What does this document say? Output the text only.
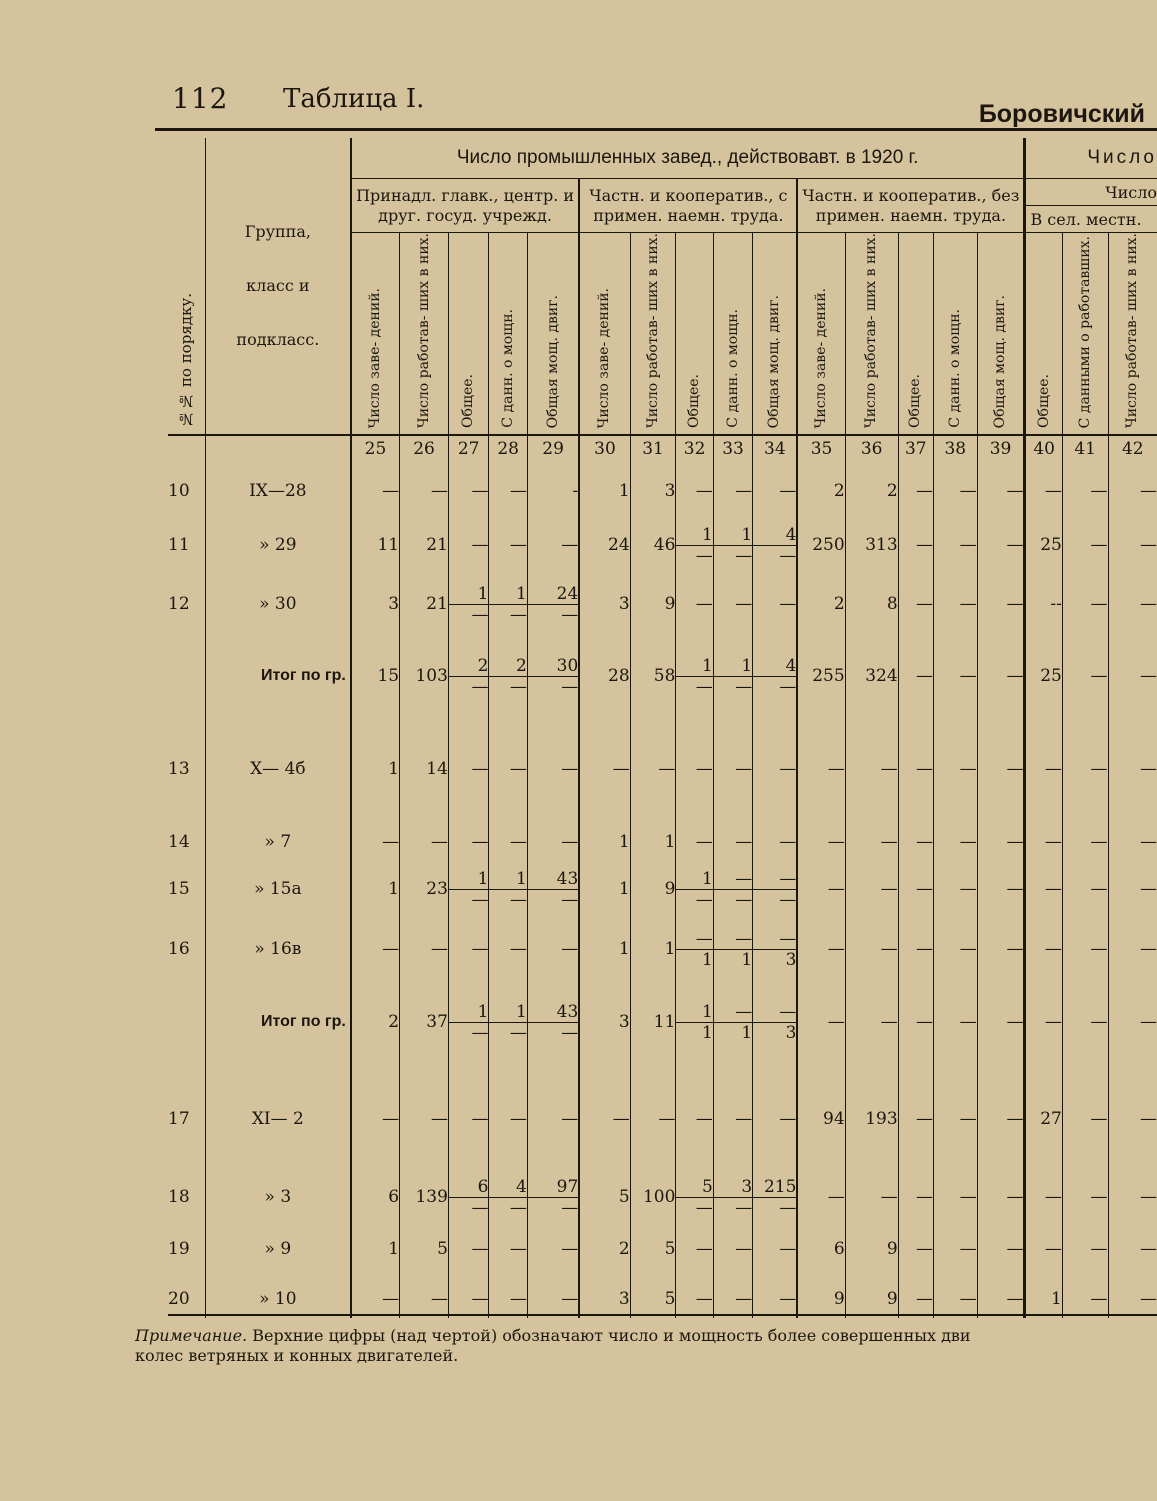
112 Таблица I.	Боровичский
№№ по порядку.	Группа, класс и подкласс.	Число промышленных завед., действовавт. в 1920 г.															Число		
		Принадл. главк., центр. и друг. госуд. учрежд.					Частн. и кооператив., с примен. наемн. труда.					Частн. и кооператив., без примен. наемн. труда.					Число		
																	В сел. местн.		

		Число заве- дений.	Число работав- ших в них.	Общее.	С данн. о мощн.	Общая мощ. двиг.	Число заве- дений.	Число работав- ших в них.	Общее.	С данн. о мощн.	Общая мощ. двиг.	Число заве- дений.	Число работав- ших в них.	Общее.	С данн. о мощн.	Общая мощ. двиг.	Общее.	С данными о работавших.	Число работав- ших в них.

		25	26	27	28	29	30	31	32	33	34	35	36	37	38	39	40	41	42
10	IX—28	—	—	—	—	-	1	3	—	—	—	2	2	—	—	—	—	—	—
11	» 29	11	21	—	—	—	24	46	1—	1—	4—	250	313	—	—	—	25	—	—
12	» 30	3	21	1—	1—	24—	3	9	—	—	—	2	8	—	—	—	--	—	—
	Итог по гр.	15	103	2—	2—	30—	28	58	1—	1—	4—	255	324	—	—	—	25	—	—
13	X— 4б	1	14	—	—	—	—	—	—	—	—	—	—	—	—	—	—	—	—
14	» 7	—	—	—	—	—	1	1	—	—	—	—	—	—	—	—	—	—	—
15	» 15а	1	23	1—	1—	43—	1	9	1—	——	——	—	—	—	—	—	—	—	—
16	» 16в	—	—	—	—	—	1	1	—1	—1	—3	—	—	—	—	—	—	—	—
	Итог по гр.	2	37	1—	1—	43—	3	11	11	—1	—3	—	—	—	—	—	—	—	—
17	XI— 2	—	—	—	—	—	—	—	—	—	—	94	193	—	—	—	27	—	—
18	» 3	6	139	6—	4—	97—	5	100	5—	3—	215—	—	—	—	—	—	—	—	—
19	» 9	1	5	—	—	—	2	5	—	—	—	6	9	—	—	—	—	—	—
20	» 10	—	—	—	—	—	3	5	—	—	—	9	9	—	—	—	1	—	—
Примечание. Верхние цифры (над чертой) обозначают число и мощность более совершенных дви
колес ветряных и конных двигателей.
